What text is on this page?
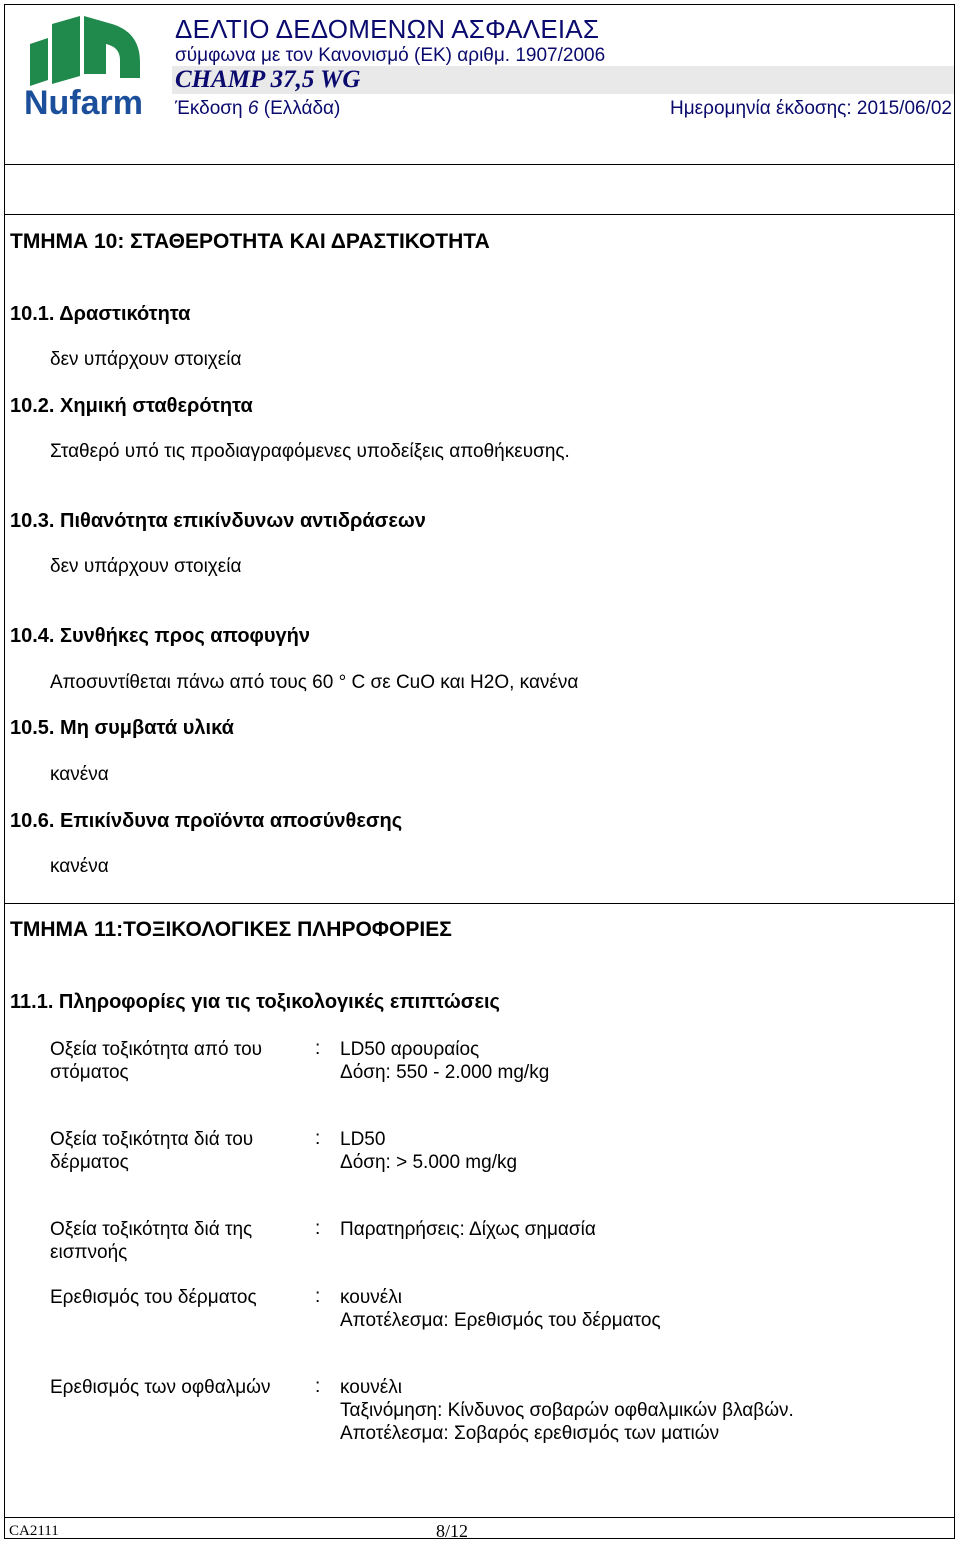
Nufarm
ΔΕΛΤΙΟ ΔΕΔΟΜΕΝΩΝ ΑΣΦΑΛΕΙΑΣ
σύμφωνα με τον Κανονισμό (ΕΚ) αριθμ. 1907/2006
CHAMP 37,5 WG
Έκδοση 6 (Ελλάδα)	Ημερομηνία έκδοσης: 2015/06/02
ΤΜΗΜΑ 10: ΣΤΑΘΕΡΟΤΗΤΑ ΚΑΙ ΔΡΑΣΤΙΚΟΤΗΤΑ
10.1. Δραστικότητα
δεν υπάρχουν στοιχεία
10.2. Χημική σταθερότητα
Σταθερό υπό τις προδιαγραφόμενες υποδείξεις αποθήκευσης.
10.3. Πιθανότητα επικίνδυνων αντιδράσεων
δεν υπάρχουν στοιχεία
10.4. Συνθήκες προς αποφυγήν
Αποσυντίθεται πάνω από τους 60 ° C σε CuO και H2O, κανένα
10.5. Μη συμβατά υλικά
κανένα
10.6. Επικίνδυνα προϊόντα αποσύνθεσης
κανένα
ΤΜΗΜΑ 11:ΤΟΞΙΚΟΛΟΓΙΚΕΣ ΠΛΗΡΟΦΟΡΙΕΣ
11.1. Πληροφορίες για τις τοξικολογικές επιπτώσεις
Οξεία τοξικότητα από του στόματος
: LD50 αρουραίος
Δόση: 550 - 2.000 mg/kg
Οξεία τοξικότητα διά του δέρματος
: LD50
Δόση: > 5.000 mg/kg
Οξεία τοξικότητα διά της εισπνοής
: Παρατηρήσεις: Δίχως σημασία
Ερεθισμός του δέρματος	: κουνέλι
Αποτέλεσμα: Ερεθισμός του δέρματος
Ερεθισμός των οφθαλμών	: κουνέλι
Ταξινόμηση: Κίνδυνος σοβαρών οφθαλμικών βλαβών.
Αποτέλεσμα: Σοβαρός ερεθισμός των ματιών
CA2111	8/12
